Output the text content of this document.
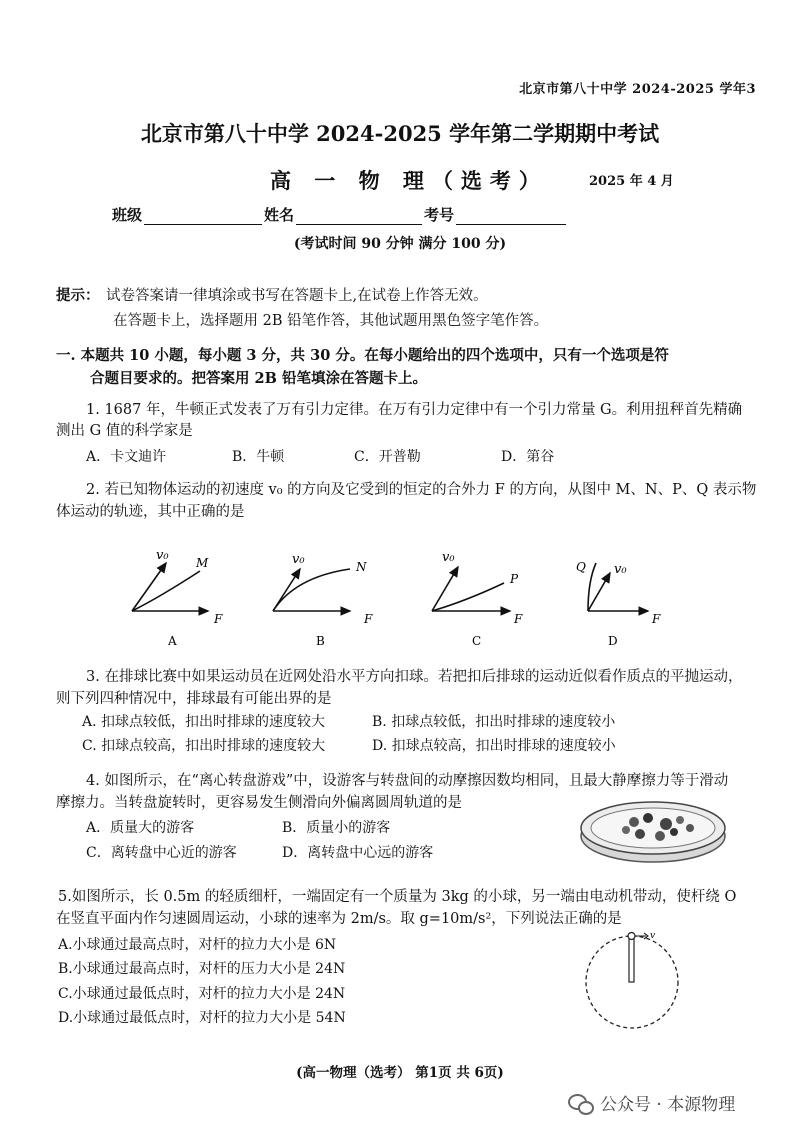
北京市第八十中学 2024-2025 学年3
北京市第八十中学 2024-2025 学年第二学期期中考试
高 一 物 理（选考）	2025 年 4 月
班级	姓名	考号
(考试时间 90 分钟 满分 100 分)
提示： 试卷答案请一律填涂或书写在答题卡上,在试卷上作答无效。
在答题卡上，选择题用 2B 铅笔作答，其他试题用黑色签字笔作答。
一. 本题共 10 小题，每小题 3 分，共 30 分。在每小题给出的四个选项中，只有一个选项是符
合题目要求的。把答案用 2B 铅笔填涂在答题卡上。
1. 1687 年，牛顿正式发表了万有引力定律。在万有引力定律中有一个引力常量 G。利用扭秤首先精确
测出 G 值的科学家是
A．卡文迪许	B．牛顿	C．开普勒	D．第谷
2. 若已知物体运动的初速度 v₀ 的方向及它受到的恒定的合外力 F 的方向，从图中 M、N、P、Q 表示物
体运动的轨迹，其中正确的是
v₀ M
F
A
v₀	N
F
B
v₀
P
F
C
Q v₀
F
D
3. 在排球比赛中如果运动员在近网处沿水平方向扣球。若把扣后排球的运动近似看作质点的平抛运动，
则下列四种情况中，排球最有可能出界的是
A. 扣球点较低，扣出时排球的速度较大	B. 扣球点较低，扣出时排球的速度较小
C. 扣球点较高，扣出时排球的速度较大	D. 扣球点较高，扣出时排球的速度较小
4. 如图所示，在“离心转盘游戏”中，设游客与转盘间的动摩擦因数均相同，且最大静摩擦力等于滑动
摩擦力。当转盘旋转时，更容易发生侧滑向外偏离圆周轨道的是
A．质量大的游客	B．质量小的游客
C．离转盘中心近的游客	D．离转盘中心远的游客
5.如图所示，长 0.5m 的轻质细杆，一端固定有一个质量为 3kg 的小球，另一端由电动机带动，使杆绕 O
在竖直平面内作匀速圆周运动，小球的速率为 2m/s。取 g=10m/s²，下列说法正确的是
A.小球通过最高点时，对杆的拉力大小是 6N
B.小球通过最高点时，对杆的压力大小是 24N
C.小球通过最低点时，对杆的拉力大小是 24N
D.小球通过最低点时，对杆的拉力大小是 54N
v
(高一物理（选考） 第1页 共 6页)
公众号 · 本源物理
